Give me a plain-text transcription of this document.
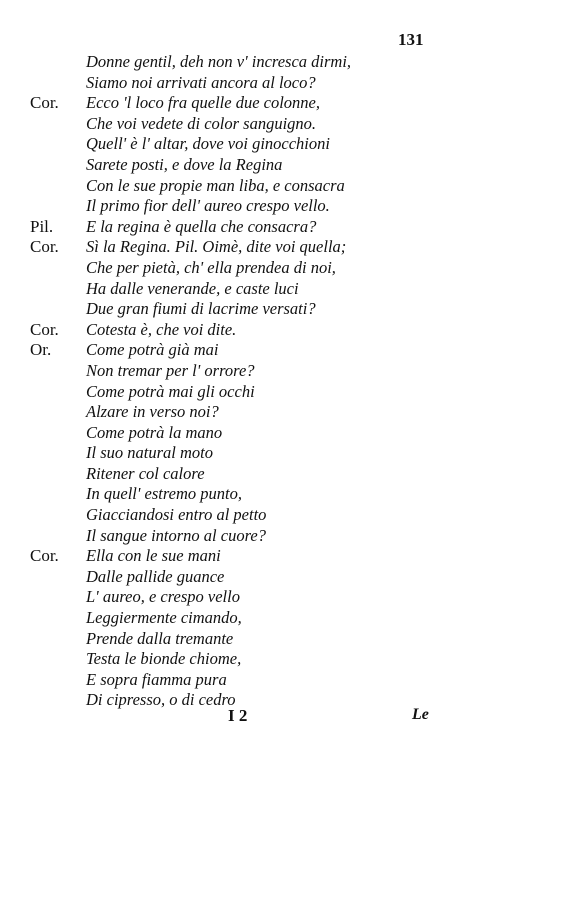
131
Donne gentil, deh non v' incresca dirmi,
Siamo noi arrivati ancora al loco?
Cor. Ecco 'l loco fra quelle due colonne,
Che voi vedete di color sanguigno.
Quell' è l' altar, dove voi ginocchioni
Sarete posti, e dove la Regina
Con le sue propie man liba, e consacra
Il primo fior dell' aureo crespo vello.
Pil. E la regina è quella che consacra?
Cor. Sì la Regina. Pil. Oimè, dite voi quella;
Che per pietà, ch' ella prendea di noi,
Ha dalle venerande, e caste luci
Due gran fiumi di lacrime versati?
Cor. Cotesta è, che voi dite.
Or. Come potrà già mai
Non tremar per l' orrore?
Come potrà mai gli occhi
Alzare in verso noi?
Come potrà la mano
Il suo natural moto
Ritener col calore
In quell' estremo punto,
Giacciandosi entro al petto
Il sangue intorno al cuore?
Cor. Ella con le sue mani
Dalle pallide guance
L' aureo, e crespo vello
Leggiermente cimando,
Prende dalla tremante
Testa le bionde chiome,
E sopra fiamma pura
Di cipresso, o di cedro
I 2	Le
